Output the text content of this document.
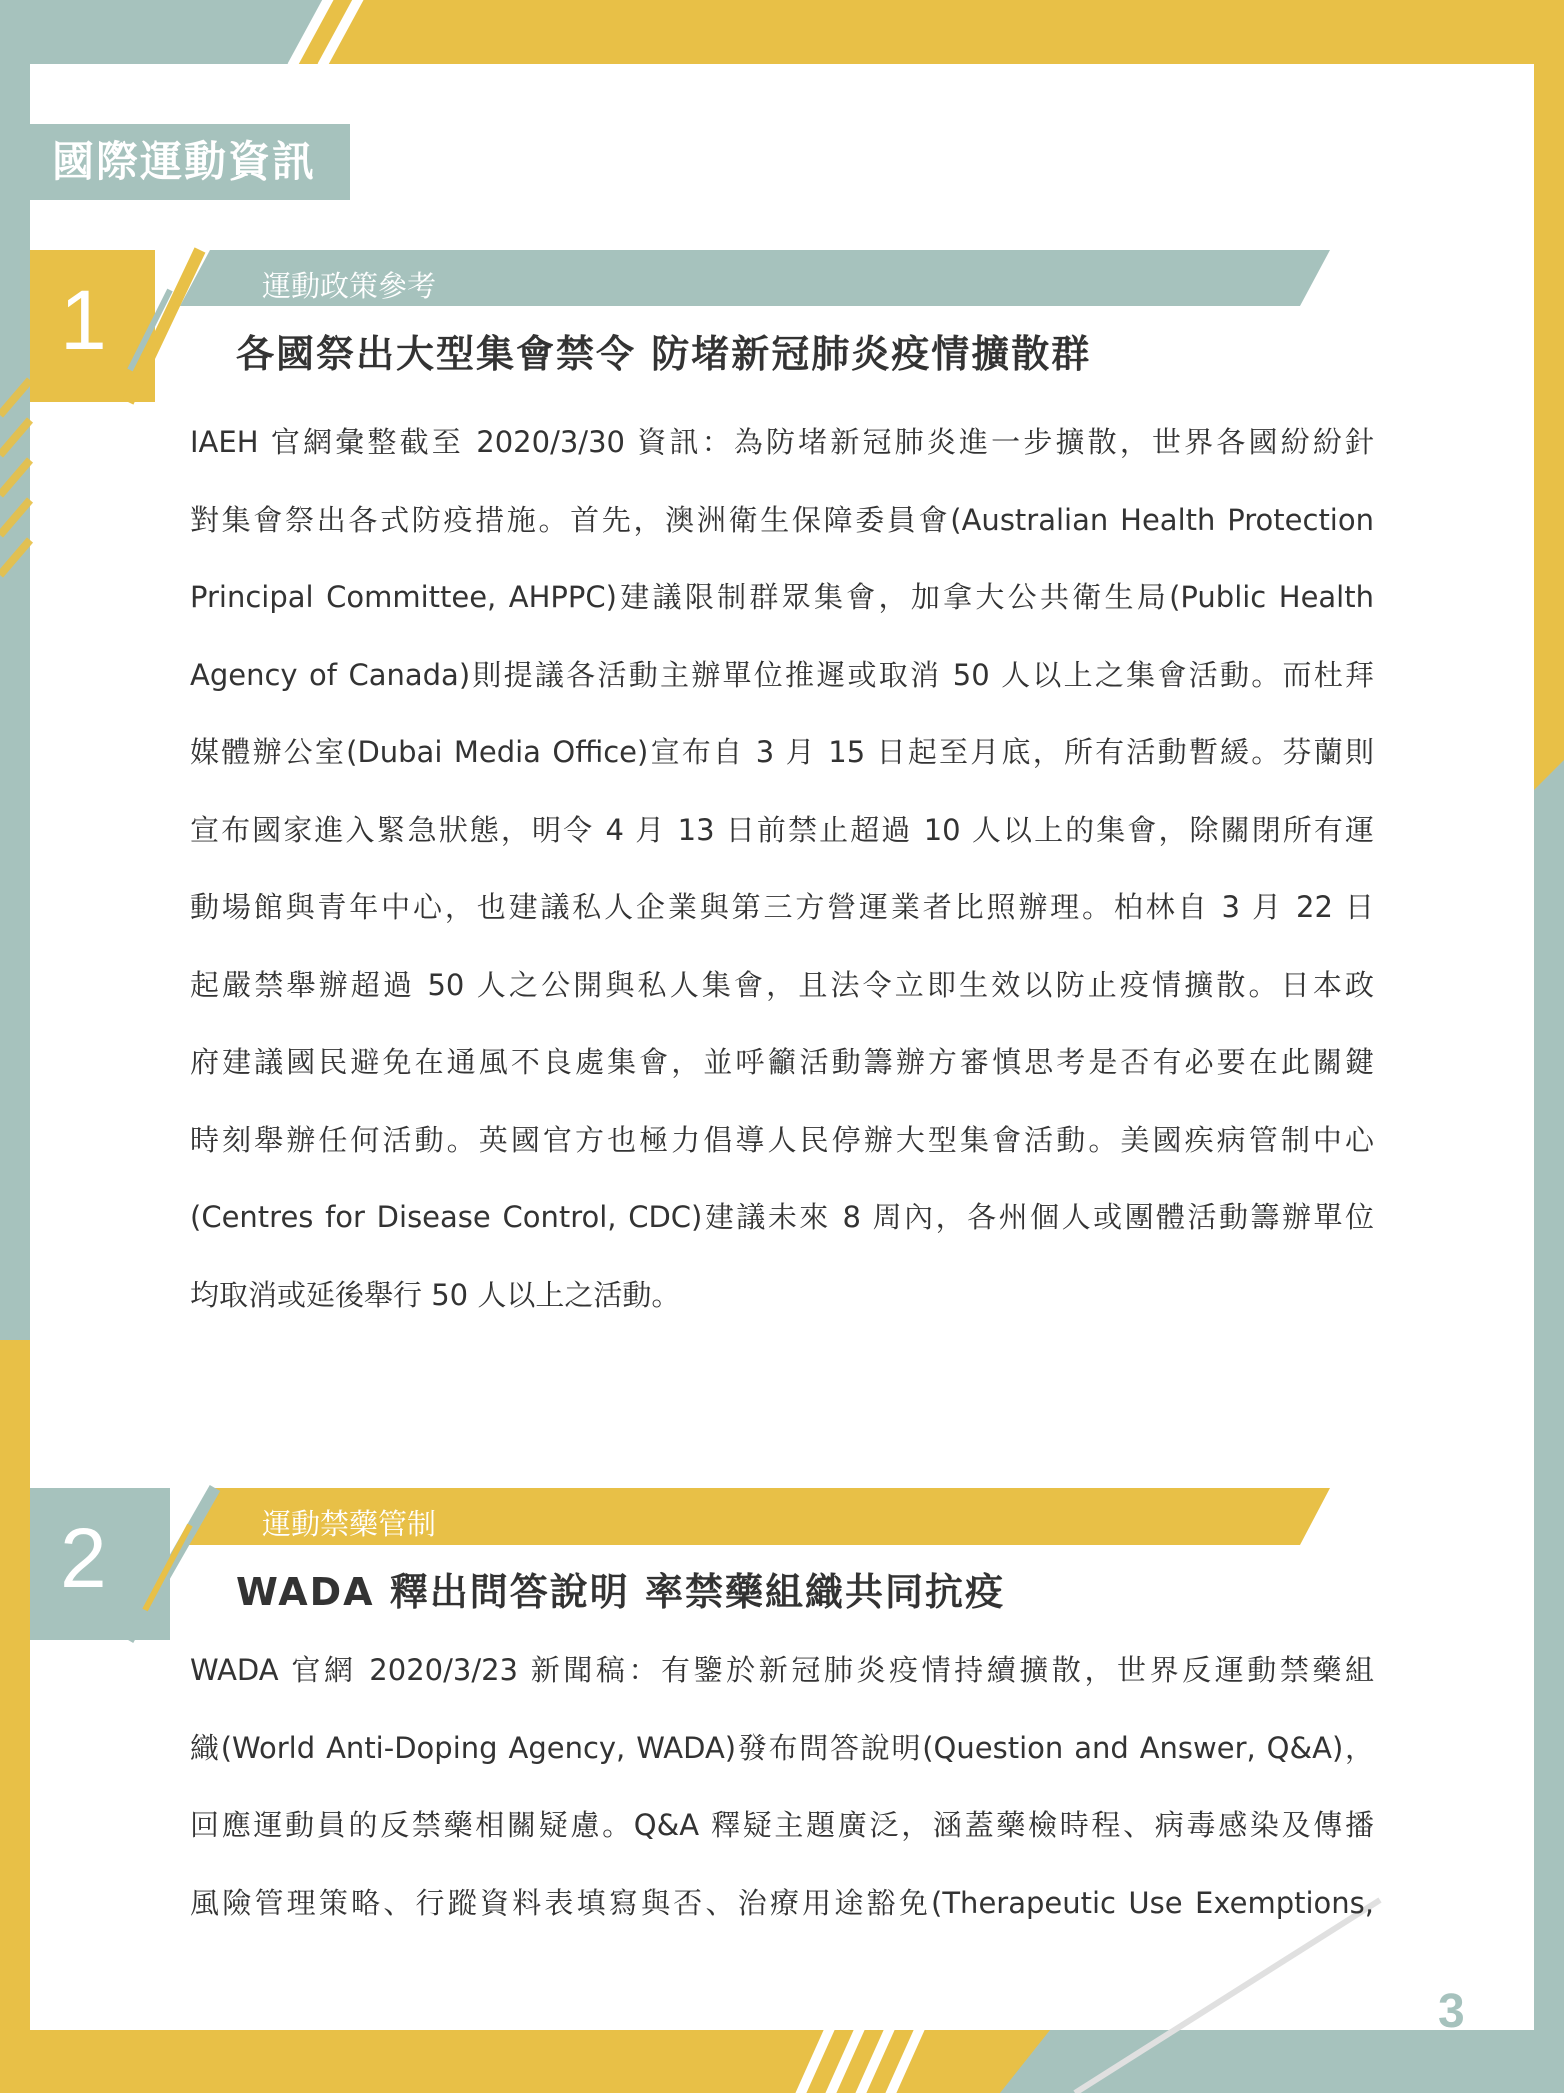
國際運動資訊
1	運動政策參考
各國祭出大型集會禁令 防堵新冠肺炎疫情擴散群
IAEH 官網彙整截至 2020/3/30 資訊：為防堵新冠肺炎進一步擴散，世界各國紛紛針
對集會祭出各式防疫措施。首先，澳洲衛生保障委員會(Australian Health Protection
Principal Committee, AHPPC)建議限制群眾集會，加拿大公共衛生局(Public Health
Agency of Canada)則提議各活動主辦單位推遲或取消 50 人以上之集會活動。而杜拜
媒體辦公室(Dubai Media Office)宣布自 3 月 15 日起至月底，所有活動暫緩。芬蘭則
宣布國家進入緊急狀態，明令 4 月 13 日前禁止超過 10 人以上的集會，除關閉所有運
動場館與青年中心，也建議私人企業與第三方營運業者比照辦理。柏林自 3 月 22 日
起嚴禁舉辦超過 50 人之公開與私人集會，且法令立即生效以防止疫情擴散。日本政
府建議國民避免在通風不良處集會，並呼籲活動籌辦方審慎思考是否有必要在此關鍵
時刻舉辦任何活動。英國官方也極力倡導人民停辦大型集會活動。美國疾病管制中心
(Centres for Disease Control, CDC)建議未來 8 周內，各州個人或團體活動籌辦單位
均取消或延後舉行 50 人以上之活動。
2	運動禁藥管制
WADA 釋出問答說明 率禁藥組織共同抗疫
WADA 官網 2020/3/23 新聞稿：有鑒於新冠肺炎疫情持續擴散，世界反運動禁藥組
織(World Anti-Doping Agency, WADA)發布問答說明(Question and Answer, Q&A)，
回應運動員的反禁藥相關疑慮。Q&A 釋疑主題廣泛，涵蓋藥檢時程、病毒感染及傳播
風險管理策略、行蹤資料表填寫與否、治療用途豁免(Therapeutic Use Exemptions,
3
